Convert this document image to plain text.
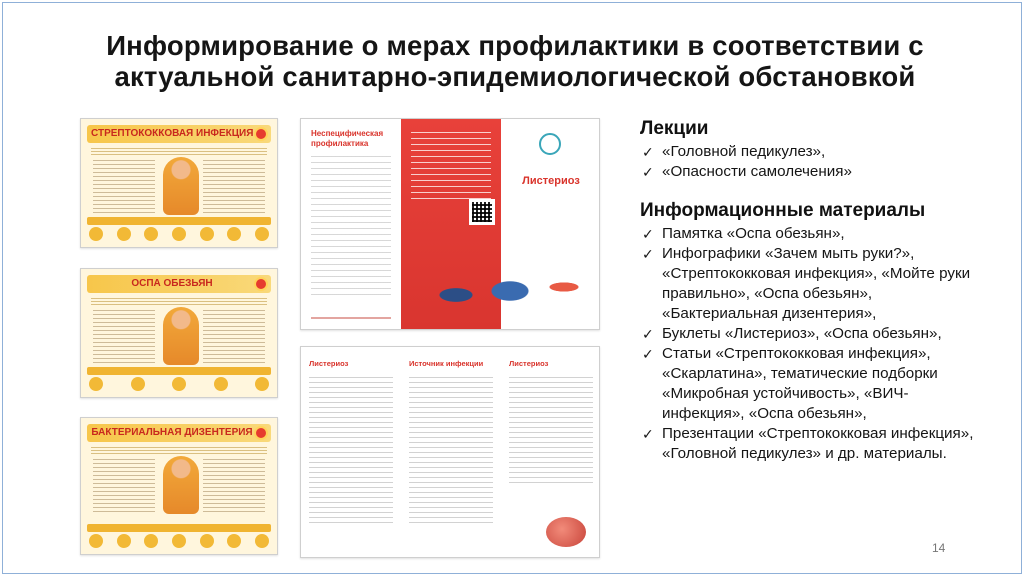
Информирование о мерах профилактики в соответствии с актуальной санитарно-эпидемиологической обстановкой
СТРЕПТОКОККОВАЯ ИНФЕКЦИЯ
ОСПА ОБЕЗЬЯН
БАКТЕРИАЛЬНАЯ ДИЗЕНТЕРИЯ
Неспецифическая профилактика
Листериоз
Листериоз	Источник инфекции	Листериоз
Лекции
✓ «Головной педикулез»,
✓ «Опасности самолечения»
Информационные материалы
✓ Памятка «Оспа обезьян»,
✓ Инфографики «Зачем мыть руки?», «Стрептококковая инфекция», «Мойте руки правильно», «Оспа обезьян», «Бактериальная дизентерия»,
✓ Буклеты «Листериоз», «Оспа обезьян»,
✓ Статьи «Стрептококковая инфекция», «Скарлатина», тематические подборки «Микробная устойчивость», «ВИЧ-инфекция», «Оспа обезьян»,
✓ Презентации «Стрептококковая инфекция», «Головной педикулез» и др. материалы.
14
